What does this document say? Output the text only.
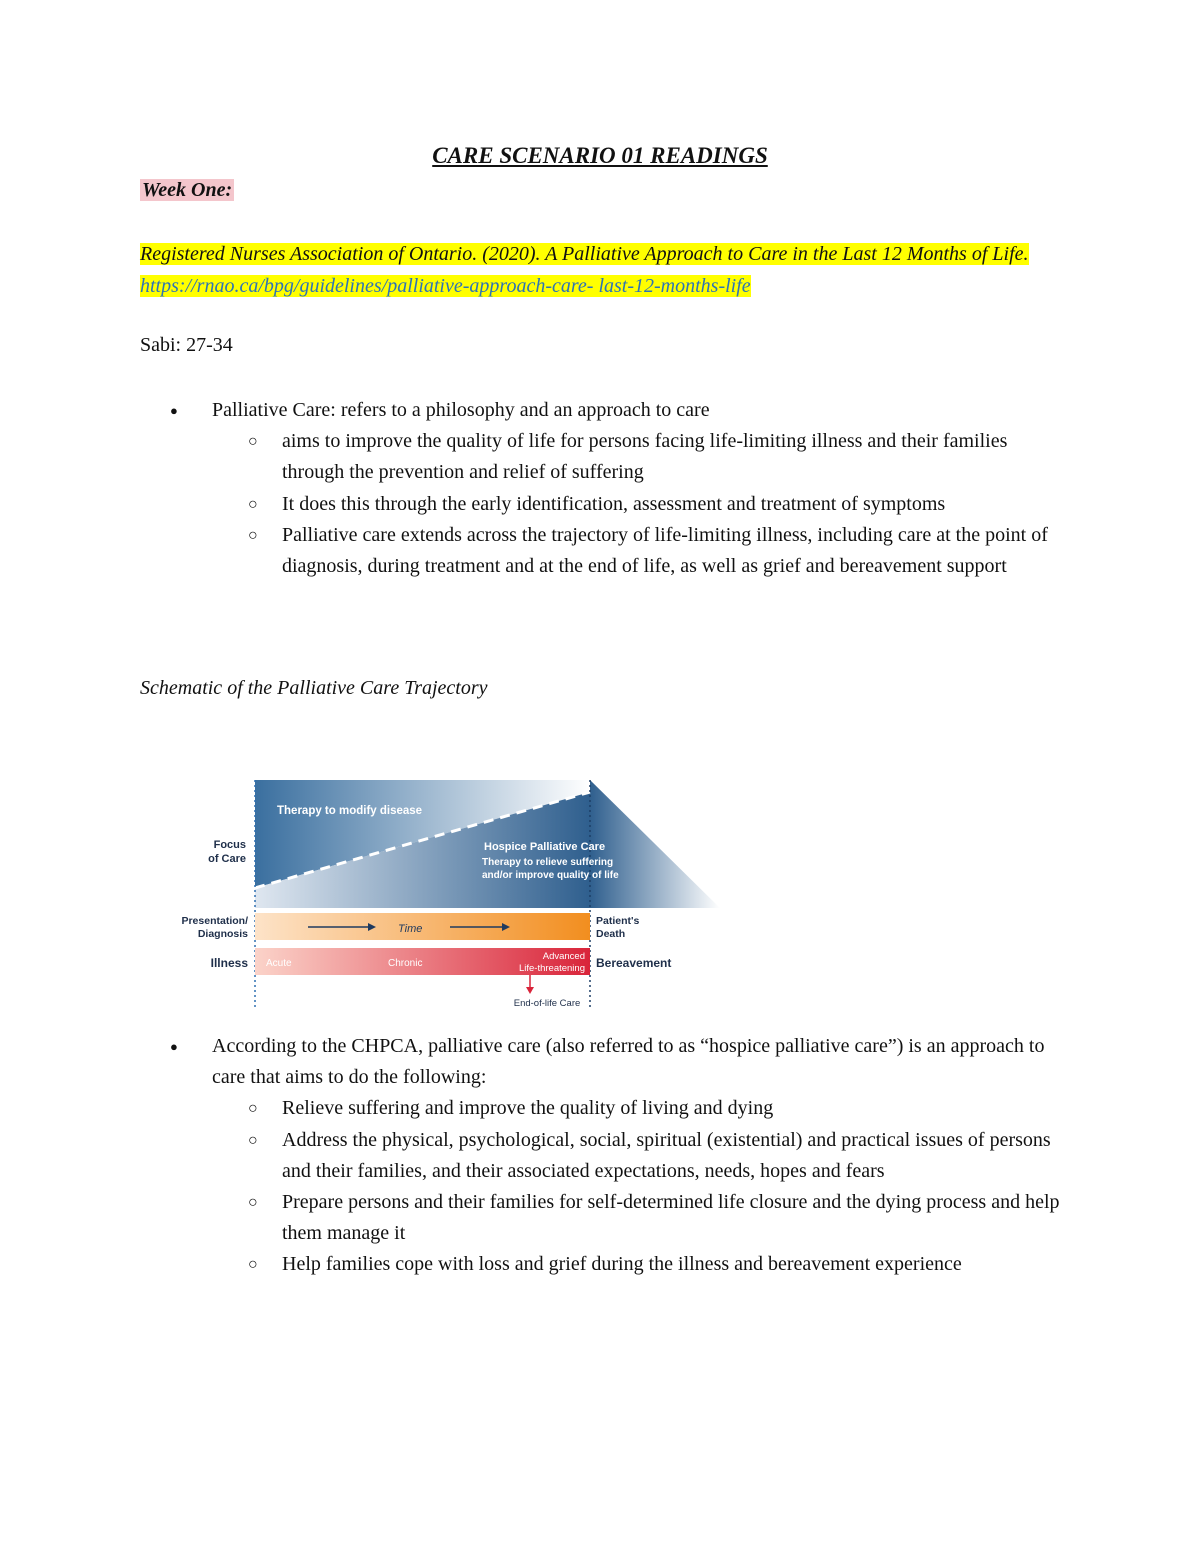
CARE SCENARIO 01 READINGS
Week One:
Registered Nurses Association of Ontario. (2020). A Palliative Approach to Care in the Last 12 Months of Life. https://rnao.ca/bpg/guidelines/palliative-approach-care- last-12-months-life
Sabi: 27-34
● Palliative Care: refers to a philosophy and an approach to care
○ aims to improve the quality of life for persons facing life-limiting illness and their families through the prevention and relief of suffering
○ It does this through the early identification, assessment and treatment of symptoms
○ Palliative care extends across the trajectory of life-limiting illness, including care at the point of diagnosis, during treatment and at the end of life, as well as grief and bereavement support
Schematic of the Palliative Care Trajectory
Therapy to modify disease
Hospice Palliative Care
Therapy to relieve suffering
and/or improve quality of life
Focus
of Care
Time
Presentation/
Diagnosis
Patient's
Death
Illness Acute	Chronic
Advanced
Life-threatening Bereavement
End-of-life Care
● According to the CHPCA, palliative care (also referred to as “hospice palliative care”) is an approach to care that aims to do the following:
○ Relieve suffering and improve the quality of living and dying
○ Address the physical, psychological, social, spiritual (existential) and practical issues of persons and their families, and their associated expectations, needs, hopes and fears
○ Prepare persons and their families for self-determined life closure and the dying process and help them manage it
○ Help families cope with loss and grief during the illness and bereavement experience
